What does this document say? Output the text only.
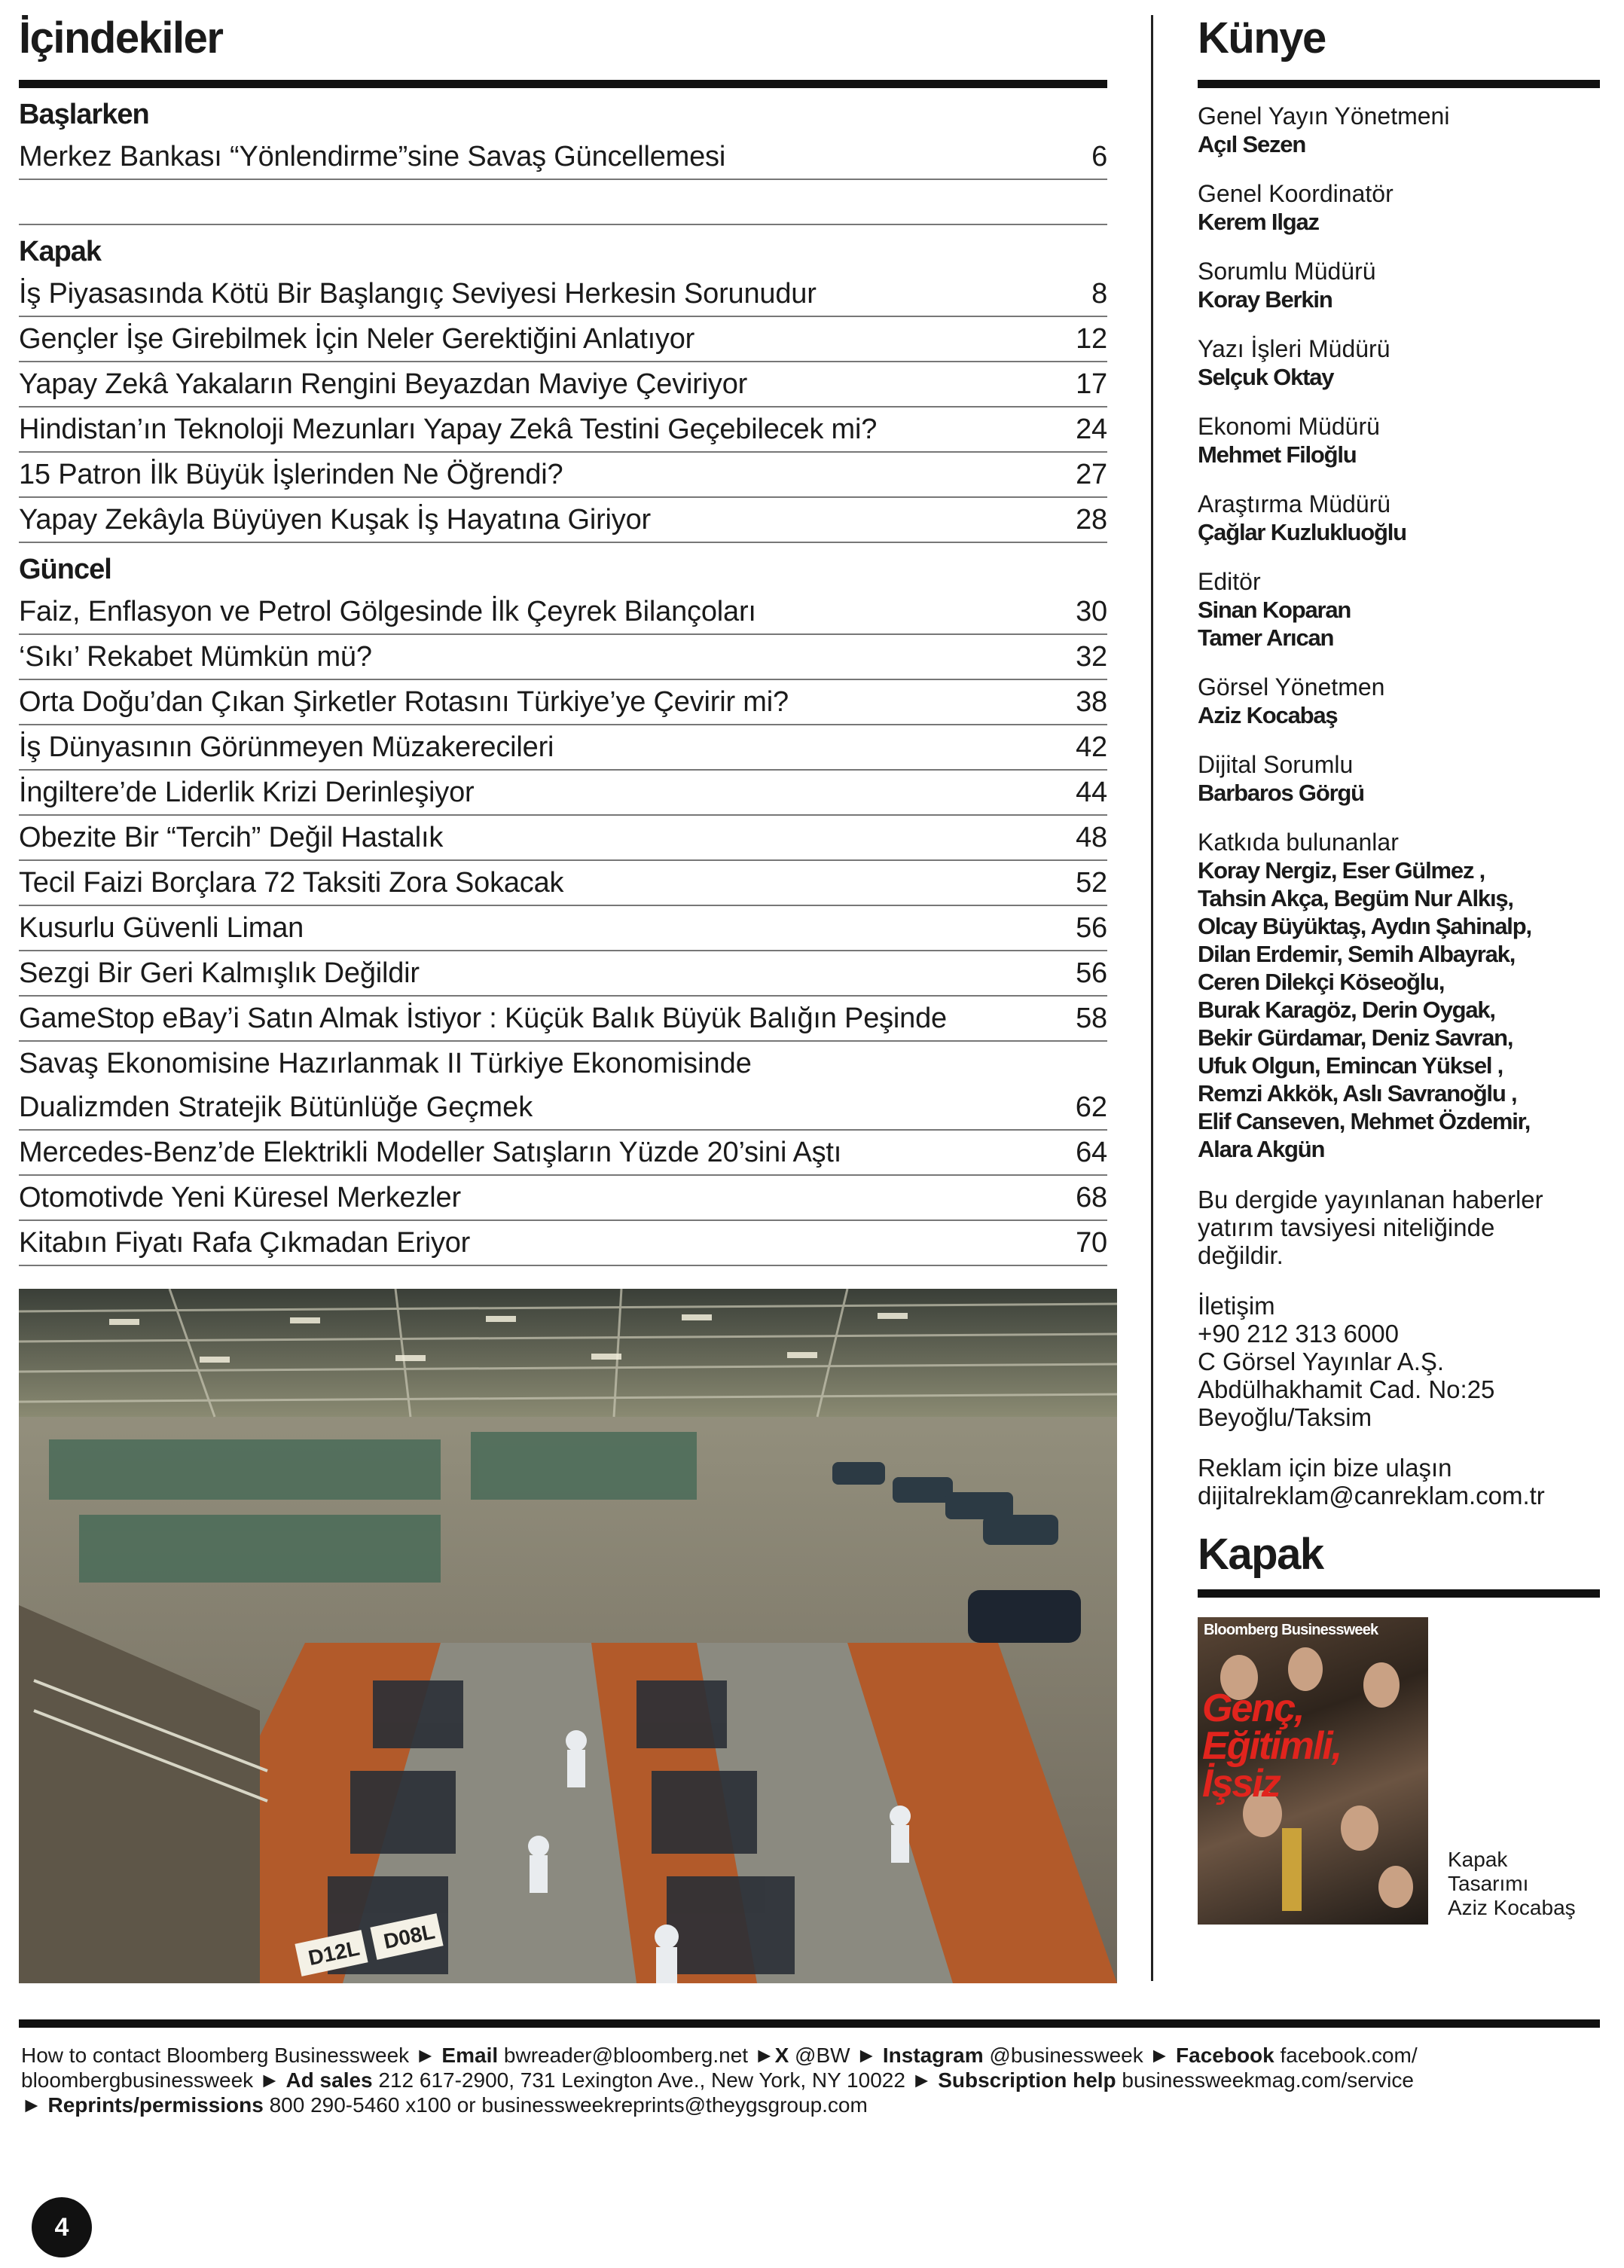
İçindekiler
Başlarken
Merkez Bankası “Yönlendirme”sine Savaş Güncellemesi	6
Kapak
İş Piyasasında Kötü Bir Başlangıç Seviyesi Herkesin Sorunudur	8
Gençler İşe Girebilmek İçin Neler Gerektiğini Anlatıyor	12
Yapay Zekâ Yakaların Rengini Beyazdan Maviye Çeviriyor	17
Hindistan’ın Teknoloji Mezunları Yapay Zekâ Testini Geçebilecek mi?	24
15 Patron İlk Büyük İşlerinden Ne Öğrendi?	27
Yapay Zekâyla Büyüyen Kuşak İş Hayatına Giriyor	28
Güncel
Faiz, Enflasyon ve Petrol Gölgesinde İlk Çeyrek Bilançoları	30
‘Sıkı’ Rekabet Mümkün mü?	32
Orta Doğu’dan Çıkan Şirketler Rotasını Türkiye’ye Çevirir mi?	38
İş Dünyasının Görünmeyen Müzakerecileri	42
İngiltere’de Liderlik Krizi Derinleşiyor	44
Obezite Bir “Tercih” Değil Hastalık	48
Tecil Faizi Borçlara 72 Taksiti Zora Sokacak	52
Kusurlu Güvenli Liman	56
Sezgi Bir Geri Kalmışlık Değildir	56
GameStop eBay’i Satın Almak İstiyor : Küçük Balık Büyük Balığın Peşinde	58
Savaş Ekonomisine Hazırlanmak II Türkiye Ekonomisinde
Dualizmden Stratejik Bütünlüğe Geçmek	62
Mercedes-Benz’de Elektrikli Modeller Satışların Yüzde 20’sini Aştı	64
Otomotivde Yeni Küresel Merkezler	68
Kitabın Fiyatı Rafa Çıkmadan Eriyor	70
Künye
Genel Yayın Yönetmeni
Açıl Sezen
Genel Koordinatör
Kerem Ilgaz
Sorumlu Müdürü
Koray Berkin
Yazı İşleri Müdürü
Selçuk Oktay
Ekonomi Müdürü
Mehmet Filoğlu
Araştırma Müdürü
Çağlar Kuzlukluoğlu
Editör
Sinan Koparan
Tamer Arıcan
Görsel Yönetmen
Aziz Kocabaş
Dijital Sorumlu
Barbaros Görgü
Katkıda bulunanlar
Koray Nergiz, Eser Gülmez ,
Tahsin Akça, Begüm Nur Alkış,
Olcay Büyüktaş, Aydın Şahinalp,
Dilan Erdemir, Semih Albayrak,
Ceren Dilekçi Köseoğlu,
Burak Karagöz, Derin Oygak,
Bekir Gürdamar, Deniz Savran,
Ufuk Olgun, Emincan Yüksel ,
Remzi Akkök, Aslı Savranoğlu ,
Elif Canseven, Mehmet Özdemir,
Alara Akgün
Bu dergide yayınlanan haberler
yatırım tavsiyesi niteliğinde
değildir.
İletişim
+90 212 313 6000
C Görsel Yayınlar A.Ş.
Abdülhakhamit Cad. No:25
Beyoğlu/Taksim
Reklam için bize ulaşın
dijitalreklam@canreklam.com.tr
Kapak
Bloomberg Businessweek
Genç,
Eğitimli,
İşsiz
Kapak
Tasarımı
Aziz Kocabaş
D12L D08L
How to contact Bloomberg Businessweek ► Email bwreader@bloomberg.net ►X @BW ► Instagram @businessweek ► Facebook facebook.com/
bloombergbusinessweek ► Ad sales 212 617-2900, 731 Lexington Ave., New York, NY 10022 ► Subscription help businessweekmag.com/service
► Reprints/permissions 800 290-5460 x100 or businessweekreprints@theygsgroup.com
4
